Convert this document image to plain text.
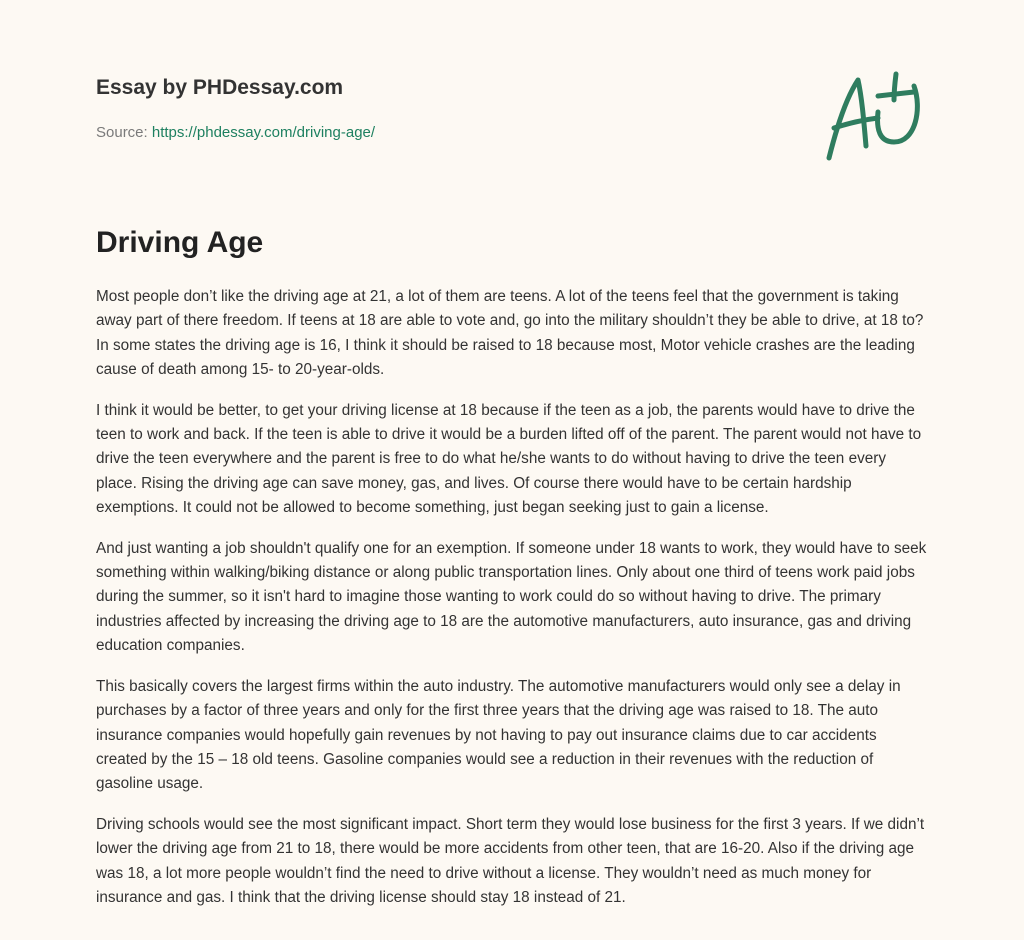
Essay by PHDessay.com
Source: https://phdessay.com/driving-age/
Driving Age

Most people don’t like the driving age at 21, a lot of them are teens. A lot of the teens feel that the government is taking away part of there freedom. If teens at 18 are able to vote and, go into the military shouldn’t they be able to drive, at 18 to? In some states the driving age is 16, I think it should be raised to 18 because most, Motor vehicle crashes are the leading cause of death among 15- to 20-year-olds.

I think it would be better, to get your driving license at 18 because if the teen as a job, the parents would have to drive the teen to work and back. If the teen is able to drive it would be a burden lifted off of the parent. The parent would not have to drive the teen everywhere and the parent is free to do what he/she wants to do without having to drive the teen every place. Rising the driving age can save money, gas, and lives. Of course there would have to be certain hardship exemptions. It could not be allowed to become something, just began seeking just to gain a license.

And just wanting a job shouldn't qualify one for an exemption. If someone under 18 wants to work, they would have to seek something within walking/biking distance or along public transportation lines. Only about one third of teens work paid jobs during the summer, so it isn't hard to imagine those wanting to work could do so without having to drive. The primary industries affected by increasing the driving age to 18 are the automotive manufacturers, auto insurance, gas and driving education companies.

This basically covers the largest firms within the auto industry. The automotive manufacturers would only see a delay in purchases by a factor of three years and only for the first three years that the driving age was raised to 18. The auto insurance companies would hopefully gain revenues by not having to pay out insurance claims due to car accidents created by the 15 – 18 old teens. Gasoline companies would see a reduction in their revenues with the reduction of gasoline usage.

Driving schools would see the most significant impact. Short term they would lose business for the first 3 years. If we didn’t lower the driving age from 21 to 18, there would be more accidents from other teen, that are 16-20. Also if the driving age was 18, a lot more people wouldn’t find the need to drive without a license. They wouldn’t need as much money for insurance and gas. I think that the driving license should stay 18 instead of 21.
